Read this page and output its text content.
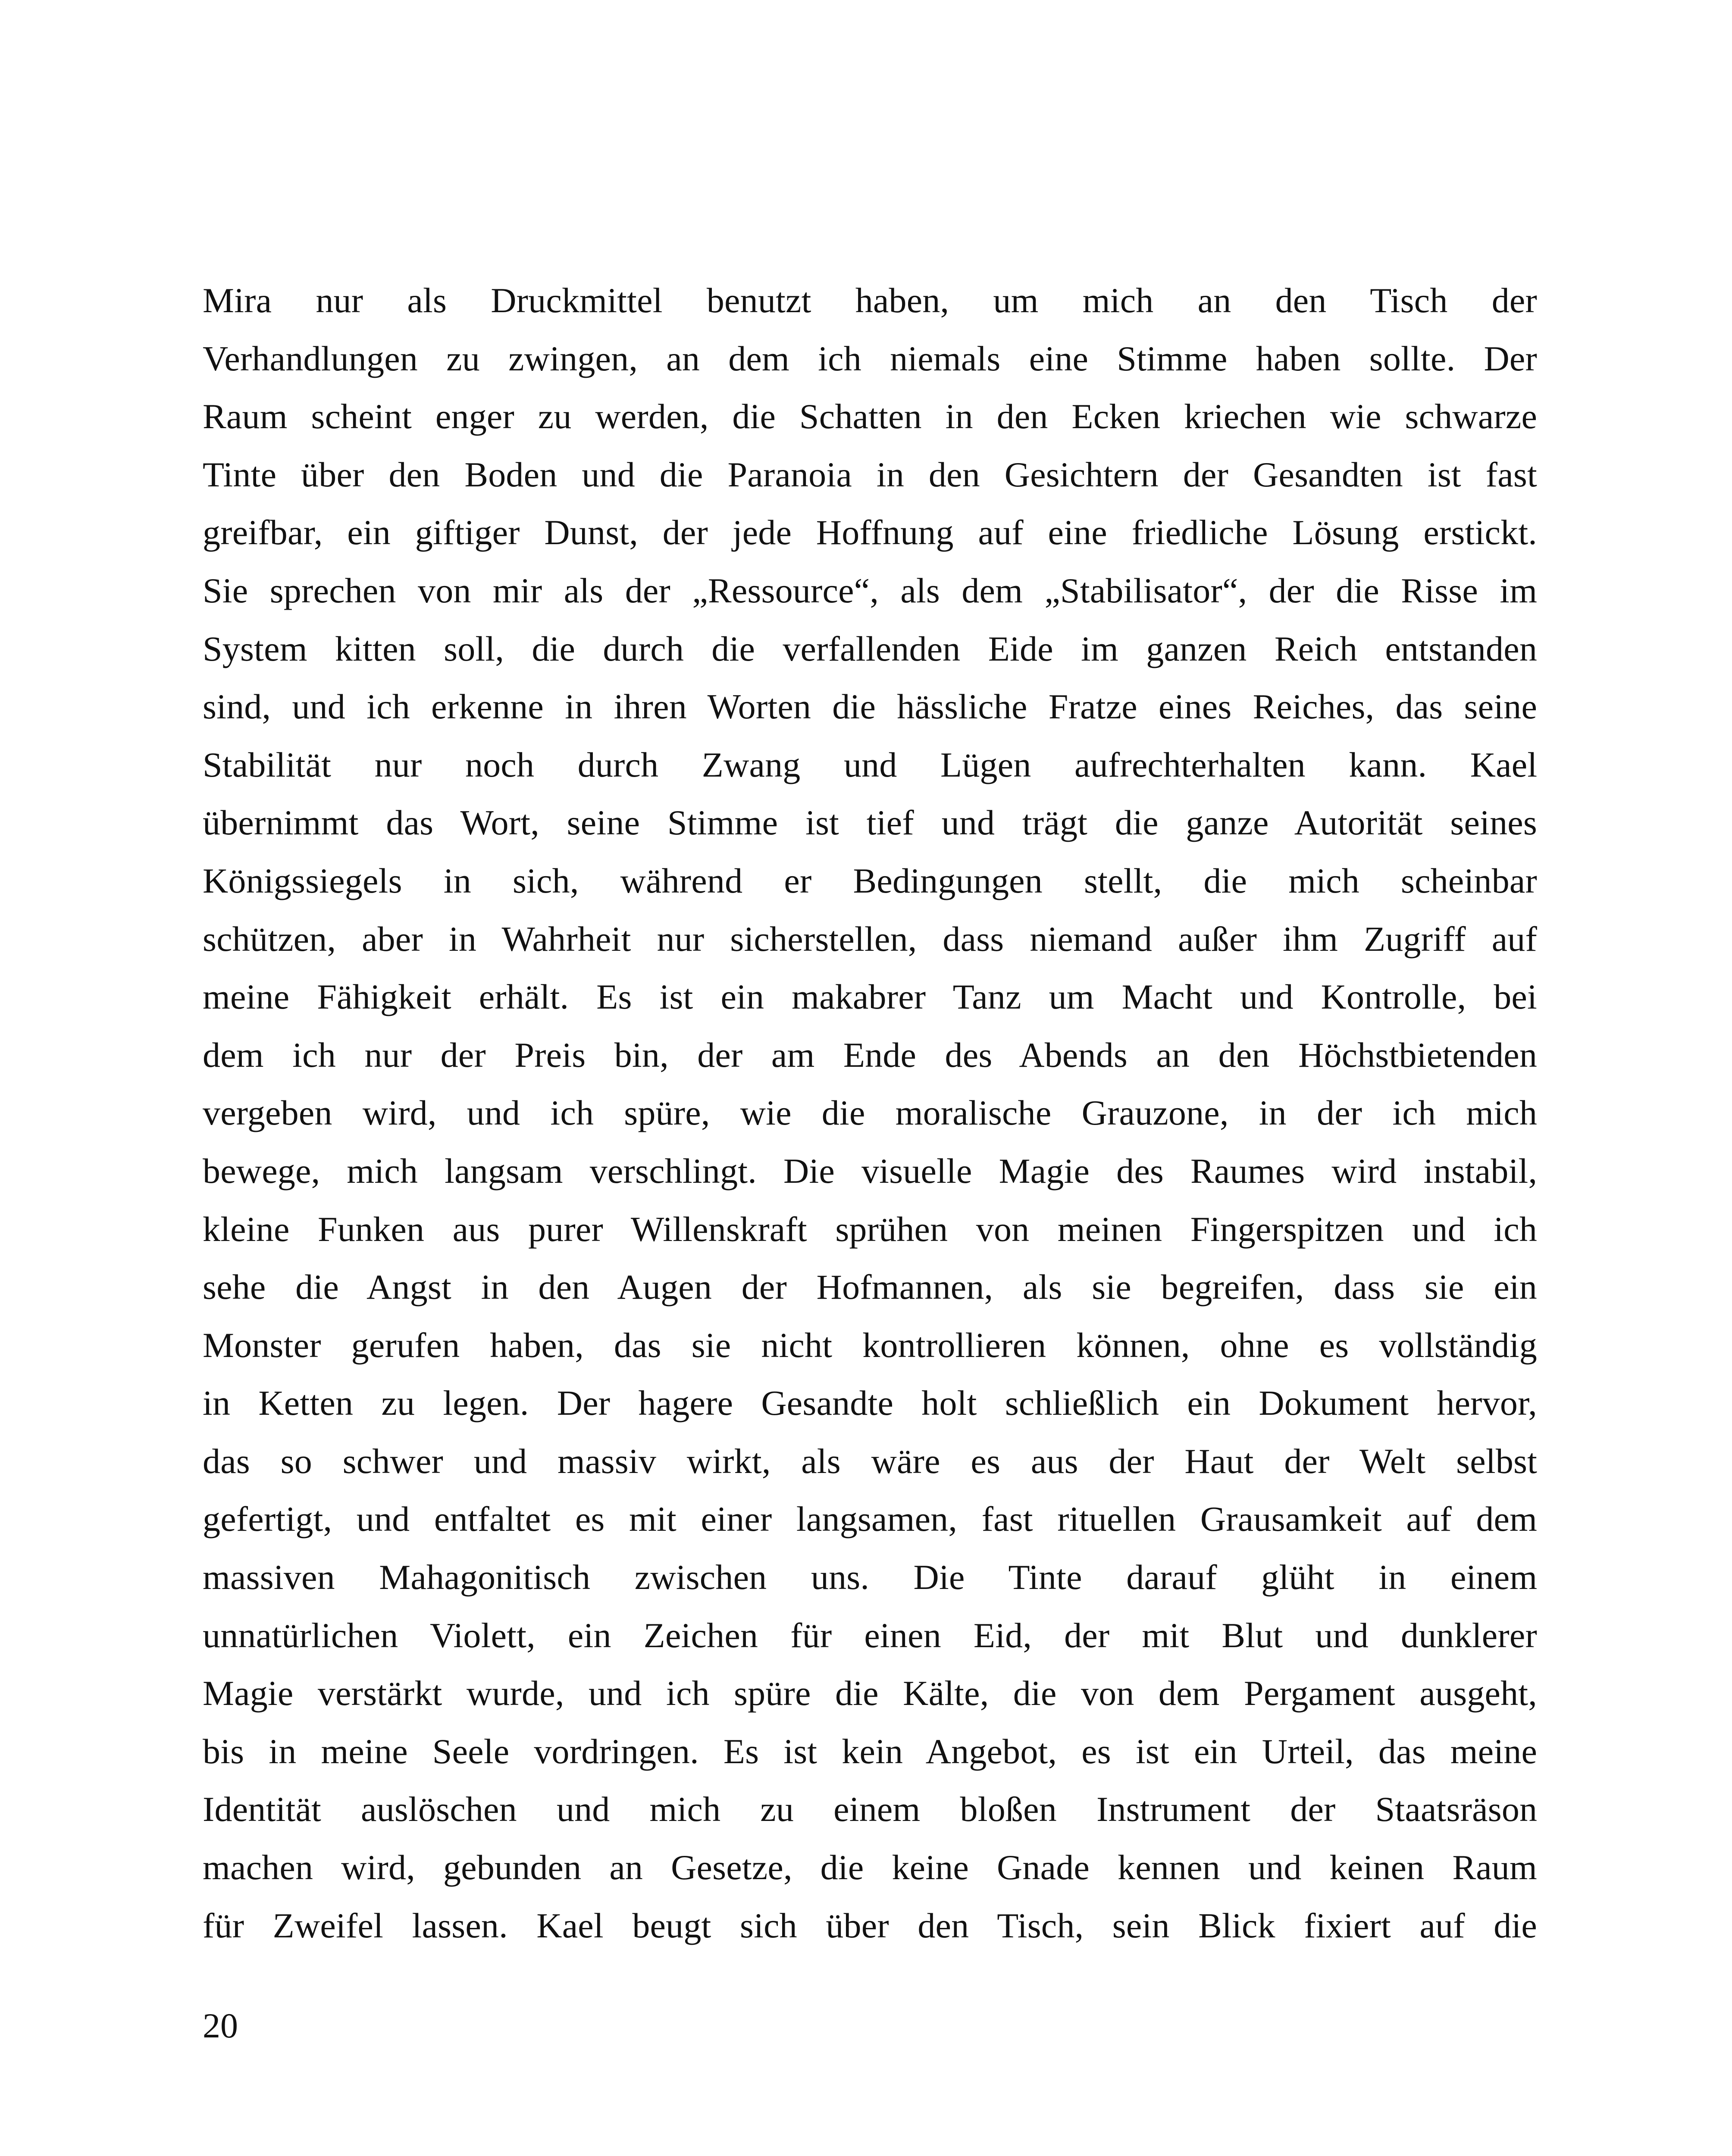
Mira nur als Druckmittel benutzt haben, um mich an den Tisch der
Verhandlungen zu zwingen, an dem ich niemals eine Stimme haben sollte. Der
Raum scheint enger zu werden, die Schatten in den Ecken kriechen wie schwarze
Tinte über den Boden und die Paranoia in den Gesichtern der Gesandten ist fast
greifbar, ein giftiger Dunst, der jede Hoffnung auf eine friedliche Lösung erstickt.
Sie sprechen von mir als der „Ressource“, als dem „Stabilisator“, der die Risse im
System kitten soll, die durch die verfallenden Eide im ganzen Reich entstanden
sind, und ich erkenne in ihren Worten die hässliche Fratze eines Reiches, das seine
Stabilität nur noch durch Zwang und Lügen aufrechterhalten kann. Kael
übernimmt das Wort, seine Stimme ist tief und trägt die ganze Autorität seines
Königssiegels in sich, während er Bedingungen stellt, die mich scheinbar
schützen, aber in Wahrheit nur sicherstellen, dass niemand außer ihm Zugriff auf
meine Fähigkeit erhält. Es ist ein makabrer Tanz um Macht und Kontrolle, bei
dem ich nur der Preis bin, der am Ende des Abends an den Höchstbietenden
vergeben wird, und ich spüre, wie die moralische Grauzone, in der ich mich
bewege, mich langsam verschlingt. Die visuelle Magie des Raumes wird instabil,
kleine Funken aus purer Willenskraft sprühen von meinen Fingerspitzen und ich
sehe die Angst in den Augen der Hofmannen, als sie begreifen, dass sie ein
Monster gerufen haben, das sie nicht kontrollieren können, ohne es vollständig
in Ketten zu legen. Der hagere Gesandte holt schließlich ein Dokument hervor,
das so schwer und massiv wirkt, als wäre es aus der Haut der Welt selbst
gefertigt, und entfaltet es mit einer langsamen, fast rituellen Grausamkeit auf dem
massiven Mahagonitisch zwischen uns. Die Tinte darauf glüht in einem
unnatürlichen Violett, ein Zeichen für einen Eid, der mit Blut und dunklerer
Magie verstärkt wurde, und ich spüre die Kälte, die von dem Pergament ausgeht,
bis in meine Seele vordringen. Es ist kein Angebot, es ist ein Urteil, das meine
Identität auslöschen und mich zu einem bloßen Instrument der Staatsräson
machen wird, gebunden an Gesetze, die keine Gnade kennen und keinen Raum
für Zweifel lassen. Kael beugt sich über den Tisch, sein Blick fixiert auf die
20
